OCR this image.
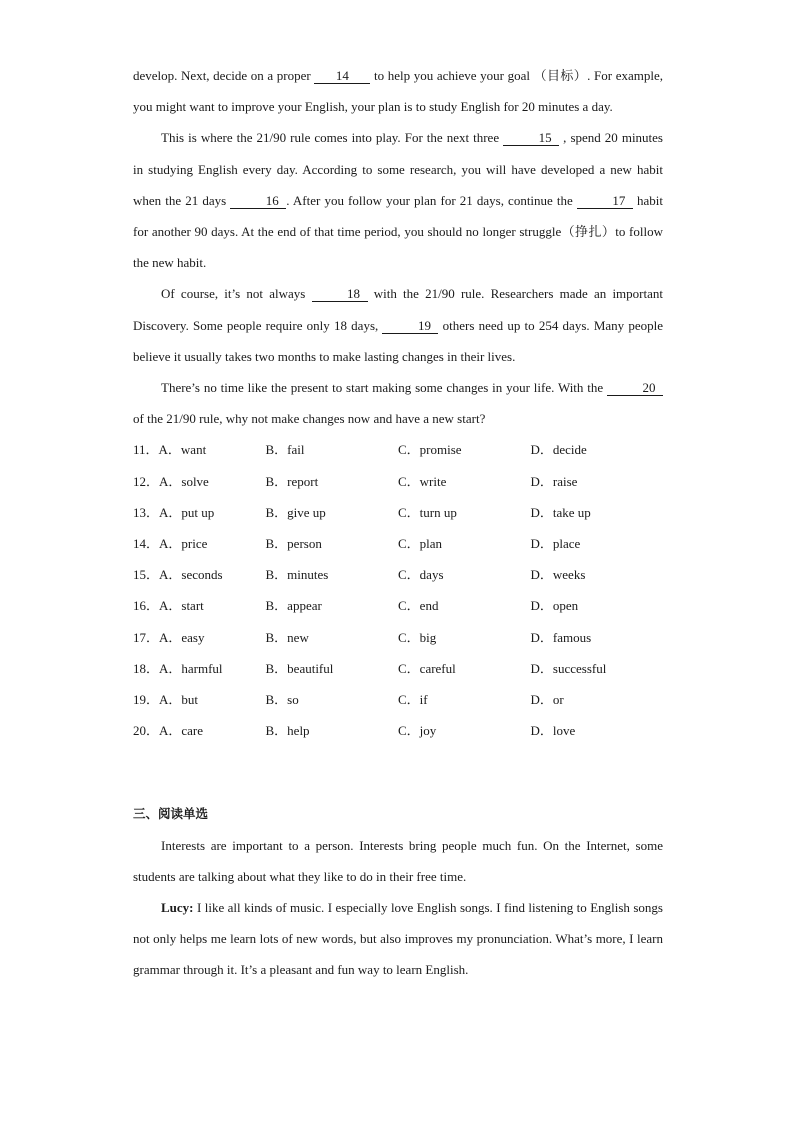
develop. Next, decide on a proper 14 to help you achieve your goal （目标）. For example, you might want to improve your English, your plan is to study English for 20 minutes a day.

This is where the 21/90 rule comes into play. For the next three	15 , spend 20 minutes in studying English every day. According to some research, you will have developed a new habit when the 21 days	16 . After you follow your plan for 21 days, continue the	17 habit for another 90 days. At the end of that time period, you should no longer struggle（挣扎）to follow the new habit.

Of course, it’s not always	18 with the 21/90 rule. Researchers made an important Discovery. Some people require only 18 days,	19 others need up to 254 days. Many people believe it usually takes two months to make lasting changes in their lives.

There’s no time like the present to start making some changes in your life. With the	20 of the 21/90 rule, why not make changes now and have a new start?

11．A．want	B．fail	C．promise	D．decide
12．A．solve	B．report	C．write	D．raise
13．A．put up	B．give up	C．turn up	D．take up
14．A．price	B．person	C．plan	D．place
15．A．seconds	B．minutes	C．days	D．weeks
16．A．start	B．appear	C．end	D．open
17．A．easy	B．new	C．big	D．famous
18．A．harmful	B．beautiful	C．careful	D．successful
19．A．but	B．so	C．if	D．or
20．A．care	B．help	C．joy	D．love
三、阅读单选

Interests are important to a person. Interests bring people much fun. On the Internet, some students are talking about what they like to do in their free time.

Lucy: I like all kinds of music. I especially love English songs. I find listening to English songs not only helps me learn lots of new words, but also improves my pronunciation. What’s more, I learn grammar through it. It’s a pleasant and fun way to learn English.
